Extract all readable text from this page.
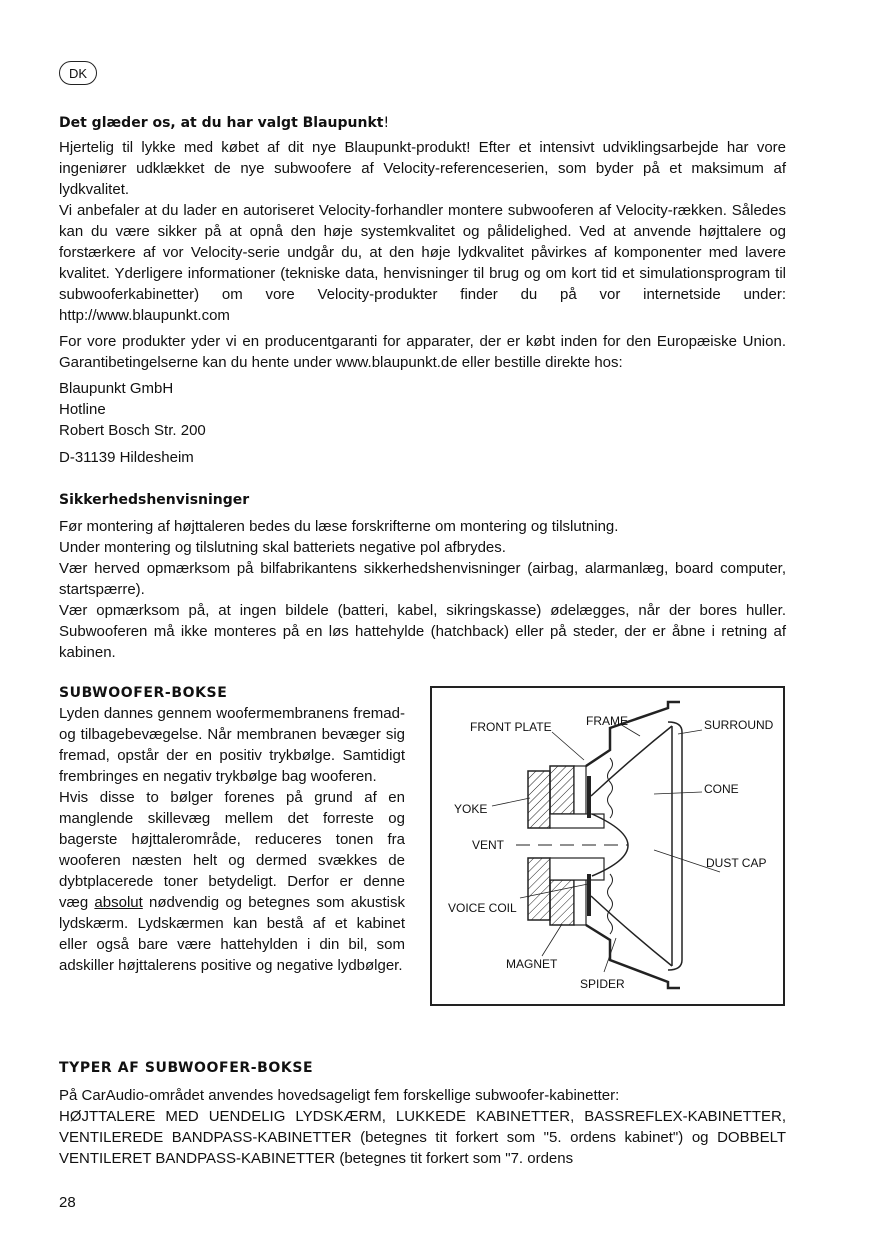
DK

Det glæder os, at du har valgt Blaupunkt!

Hjertelig til lykke med købet af dit nye Blaupunkt-produkt! Efter et intensivt udviklingsarbejde har vore ingeniører udklækket de nye subwoofere af Velocity-referenceserien, som byder på et maksimum af lydkvalitet.

Vi anbefaler at du lader en autoriseret Velocity-forhandler montere subwooferen af Velocity-rækken. Således kan du være sikker på at opnå den høje systemkvalitet og pålidelighed. Ved at anvende højttalere og forstærkere af vor Velocity-serie undgår du, at den høje lydkvalitet påvirkes af komponenter med lavere kvalitet. Yderligere informationer (tekniske data, henvisninger til brug og om kort tid et simulationsprogram til subwooferkabinetter) om vore Velocity-produkter finder du på vor internetside under: http://www.blaupunkt.com

For vore produkter yder vi en producentgaranti for apparater, der er købt inden for den Europæiske Union. Garantibetingelserne kan du hente under www.blaupunkt.de eller bestille direkte hos:

Blaupunkt GmbH

Hotline

Robert Bosch Str. 200

D-31139 Hildesheim

Sikkerhedshenvisninger

Før montering af højttaleren bedes du læse forskrifterne om montering og tilslutning.

Under montering og tilslutning skal batteriets negative pol afbrydes.

Vær herved opmærksom på bilfabrikantens sikkerhedshenvisninger (airbag, alarmanlæg, board computer, startspærre).

Vær opmærksom på, at ingen bildele (batteri, kabel, sikringskasse) ødelægges, når der bores huller. Subwooferen må ikke monteres på en løs hattehylde (hatchback) eller på steder, der er åbne i retning af kabinen.

SUBWOOFER-BOKSE

Lyden dannes gennem woofermembranens fremad- og tilbagebevægelse. Når membranen bevæger sig fremad, opstår der en positiv trykbølge. Samtidigt frembringes en negativ trykbølge bag wooferen.

Hvis disse to bølger forenes på grund af en manglende skillevæg mellem det forreste og bagerste højttalerområde, reduceres tonen fra wooferen næsten helt og dermed svækkes de dybtplacerede toner betydeligt. Derfor er denne væg absolut nødvendig og betegnes som akustisk lydskærm. Lydskærmen kan bestå af et kabinet eller også bare være hattehylden i din bil, som adskiller højttalerens positive og negative lydbølger.

FRONT PLATE	FRAME	SURROUND
CONE
YOKE
VENT
DUST CAP
VOICE COIL
MAGNET
SPIDER

TYPER AF SUBWOOFER-BOKSE

På CarAudio-området anvendes hovedsageligt fem forskellige subwoofer-kabinetter:

HØJTTALERE MED UENDELIG LYDSKÆRM, LUKKEDE KABINETTER, BASSREFLEX-KABINETTER, VENTILEREDE BANDPASS-KABINETTER (betegnes tit forkert som "5. ordens kabinet") og DOBBELT VENTILERET BANDPASS-KABINETTER (betegnes tit forkert som "7. ordens

28
